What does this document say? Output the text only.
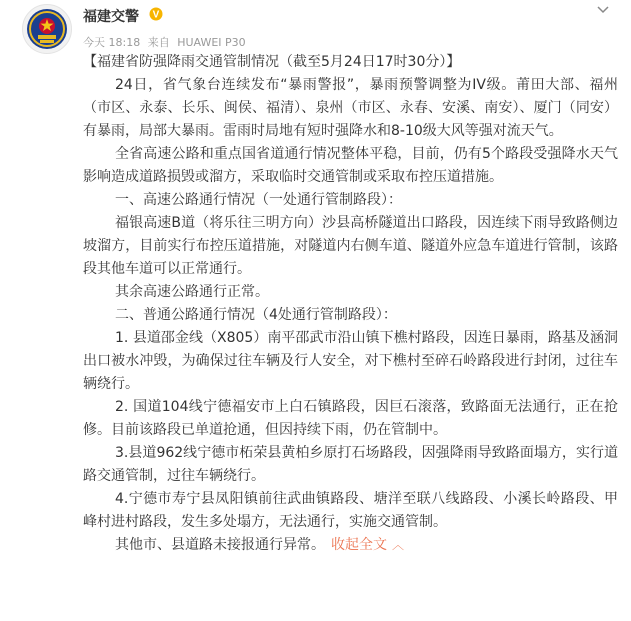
福建交警 V
今天 18:18 来自 HUAWEI P30

【福建省防强降雨交通管制情况（截至5月24日17时30分）】

24日，省气象台连续发布“暴雨警报”，暴雨预警调整为IV级。莆田大部、福州（市区、永泰、长乐、闽侯、福清）、泉州（市区、永春、安溪、南安）、厦门（同安）有暴雨，局部大暴雨。雷雨时局地有短时强降水和8-10级大风等强对流天气。

全省高速公路和重点国省道通行情况整体平稳，目前，仍有5个路段受强降水天气影响造成道路损毁或溜方，采取临时交通管制或采取布控压道措施。

一、高速公路通行情况（一处通行管制路段）：

福银高速B道（将乐往三明方向）沙县高桥隧道出口路段，因连续下雨导致路侧边坡溜方，目前实行布控压道措施，对隧道内右侧车道、隧道外应急车道进行管制，该路段其他车道可以正常通行。

其余高速公路通行正常。

二、普通公路通行情况（4处通行管制路段）：

1. 县道邵金线（X805）南平邵武市沿山镇下樵村路段，因连日暴雨，路基及涵洞出口被水冲毁，为确保过往车辆及行人安全，对下樵村至碎石岭路段进行封闭，过往车辆绕行。

2. 国道104线宁德福安市上白石镇路段，因巨石滚落，致路面无法通行，正在抢修。目前该路段已单道抢通，但因持续下雨，仍在管制中。

3.县道962线宁德市柘荣县黄柏乡原打石场路段，因强降雨导致路面塌方，实行道路交通管制，过往车辆绕行。

4.宁德市寿宁县凤阳镇前往武曲镇路段、塘洋至联八线路段、小溪长岭路段、甲峰村进村路段，发生多处塌方，无法通行，实施交通管制。

其他市、县道路未接报通行异常。 收起全文 ︿
